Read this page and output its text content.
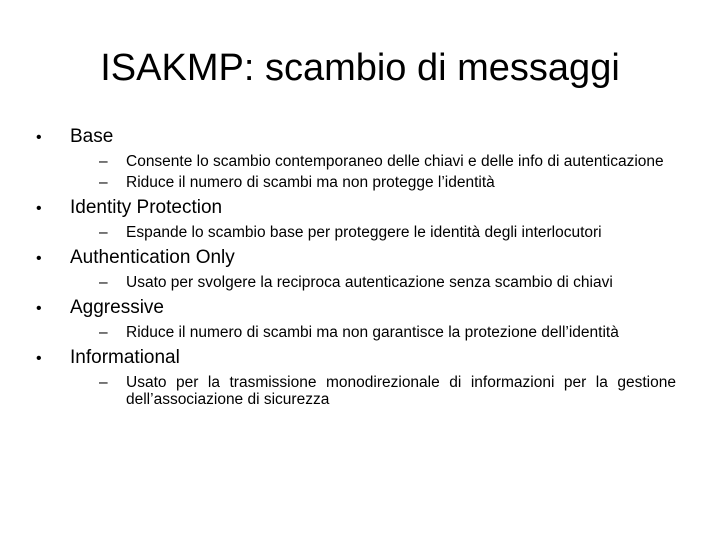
ISAKMP: scambio di messaggi
•	Base
–	Consente lo scambio contemporaneo delle chiavi e delle info di autenticazione
–	Riduce il numero di scambi ma non protegge l’identità
•	Identity Protection
–	Espande lo scambio base per proteggere le identità degli interlocutori
•	Authentication Only
–	Usato per svolgere la reciproca autenticazione senza scambio di chiavi
•	Aggressive
–	Riduce il numero di scambi ma non garantisce la protezione dell’identità
•	Informational
–	Usato per la trasmissione monodirezionale di informazioni per la gestione dell’associazione di sicurezza
